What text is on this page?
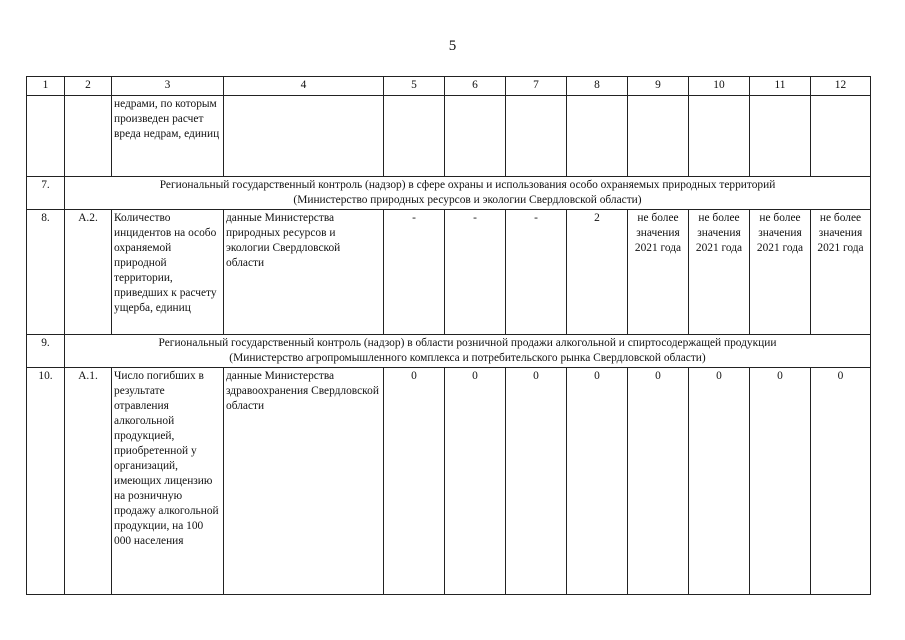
5
1	2	3	4	5	6	7	8	9	10	11	12
		недрами, по которым произведен расчет вреда недрам, единиц									
7.	Региональный государственный контроль (надзор) в сфере охраны и использования особо охраняемых природных территорий
(Министерство природных ресурсов и экологии Свердловской области)										

8.	А.2.	Количество инцидентов на особо охраняемой природной территории, приведших к расчету ущерба, единиц	данные Министерства природных ресурсов и экологии Свердловской области	-	-	-	2	не более значения 2021 года	не более значения 2021 года	не более значения 2021 года	не более значения 2021 года
9.	Региональный государственный контроль (надзор) в области розничной продажи алкогольной и спиртосодержащей продукции
(Министерство агропромышленного комплекса и потребительского рынка Свердловской области)										

10.	А.1.	Число погибших в результате отравления алкогольной продукцией, приобретенной у организаций, имеющих лицензию на розничную продажу алкогольной продукции, на 100 000 населения	данные Министерства здравоохранения Свердловской области	0	0	0	0	0	0	0	0
